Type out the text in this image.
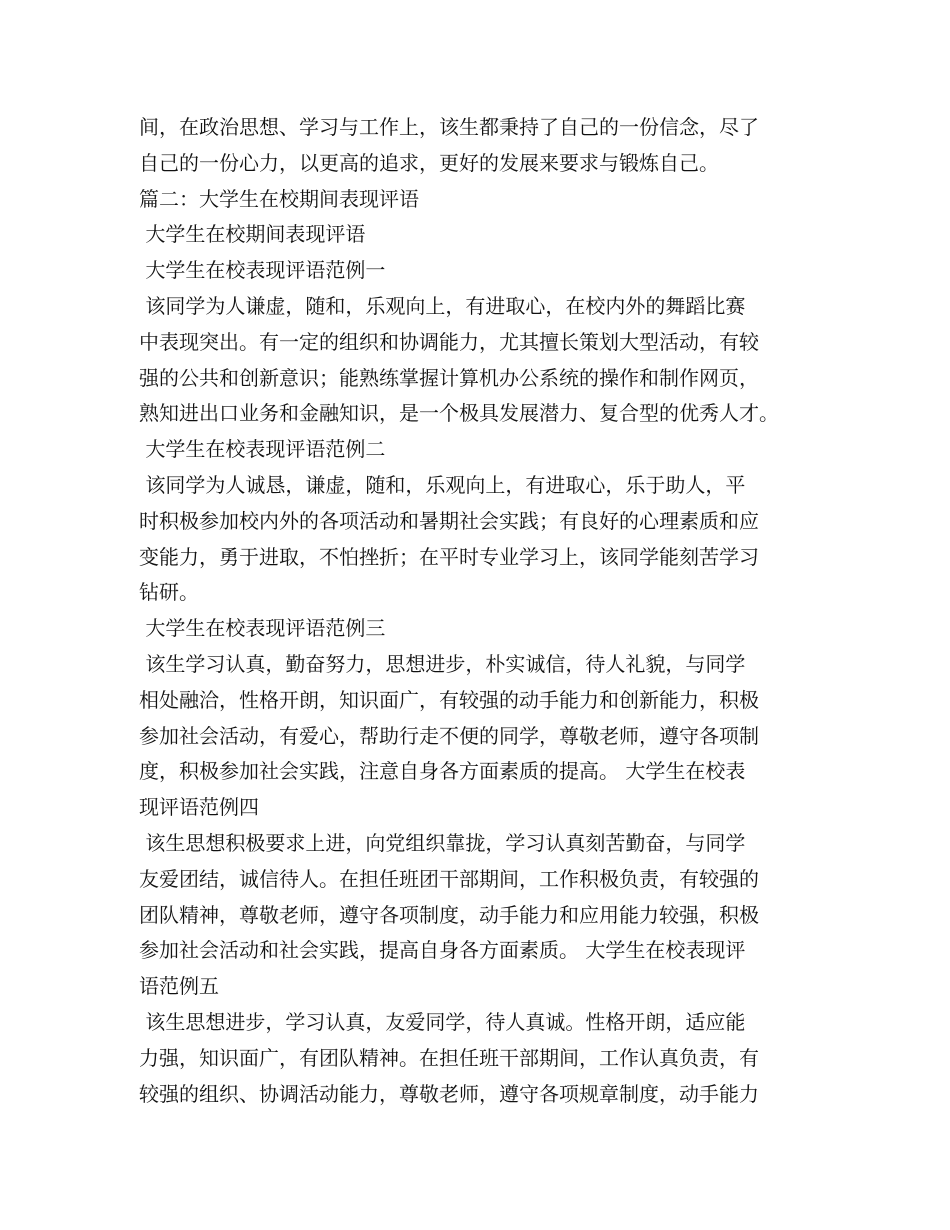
间，在政治思想、学习与工作上，该生都秉持了自己的一份信念，尽了
自己的一份心力，以更高的追求，更好的发展来要求与锻炼自己。
篇二：大学生在校期间表现评语
大学生在校期间表现评语
大学生在校表现评语范例一
该同学为人谦虚，随和，乐观向上，有进取心，在校内外的舞蹈比赛
中表现突出。有一定的组织和协调能力，尤其擅长策划大型活动，有较
强的公共和创新意识；能熟练掌握计算机办公系统的操作和制作网页，
熟知进出口业务和金融知识，是一个极具发展潜力、复合型的优秀人才。
大学生在校表现评语范例二
该同学为人诚恳，谦虚，随和，乐观向上，有进取心，乐于助人，平
时积极参加校内外的各项活动和暑期社会实践；有良好的心理素质和应
变能力，勇于进取，不怕挫折；在平时专业学习上，该同学能刻苦学习
钻研。
大学生在校表现评语范例三
该生学习认真，勤奋努力，思想进步，朴实诚信，待人礼貌，与同学
相处融洽，性格开朗，知识面广，有较强的动手能力和创新能力，积极
参加社会活动，有爱心，帮助行走不便的同学，尊敬老师，遵守各项制
度，积极参加社会实践，注意自身各方面素质的提高。 大学生在校表
现评语范例四
该生思想积极要求上进，向党组织靠拢，学习认真刻苦勤奋，与同学
友爱团结，诚信待人。在担任班团干部期间，工作积极负责，有较强的
团队精神，尊敬老师，遵守各项制度，动手能力和应用能力较强，积极
参加社会活动和社会实践，提高自身各方面素质。 大学生在校表现评
语范例五
该生思想进步，学习认真，友爱同学，待人真诚。性格开朗，适应能
力强，知识面广，有团队精神。在担任班干部期间，工作认真负责，有
较强的组织、协调活动能力，尊敬老师，遵守各项规章制度，动手能力
